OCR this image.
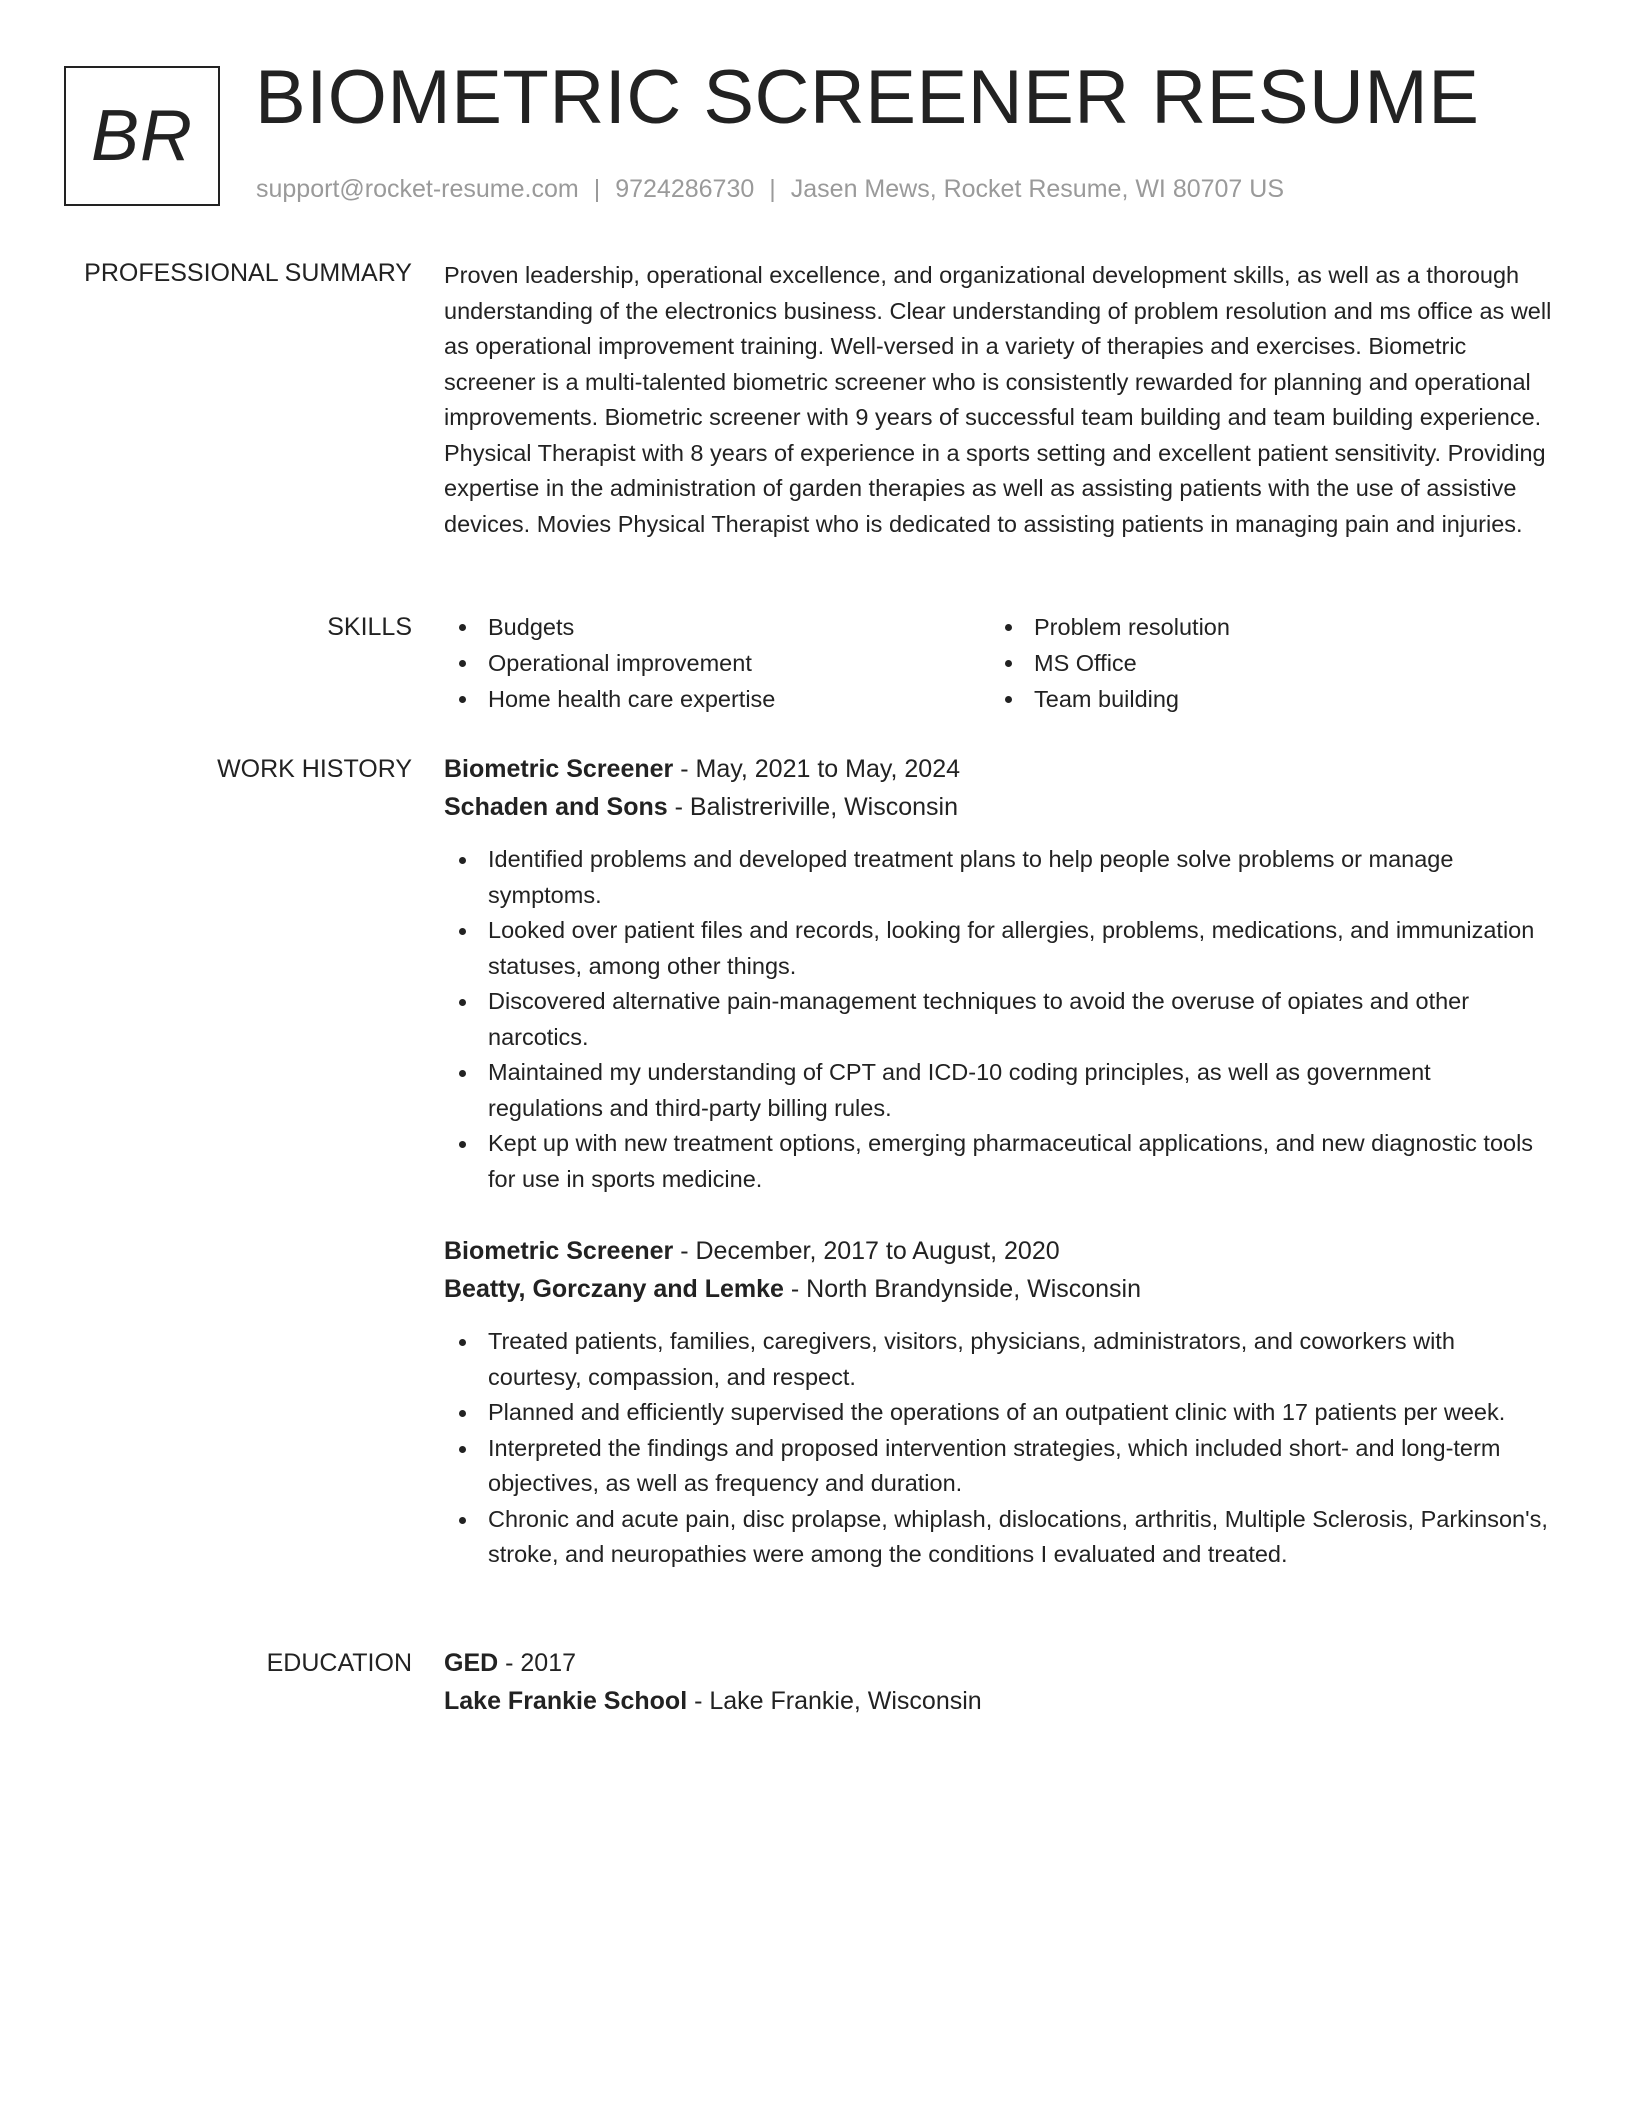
BR BIOMETRIC SCREENER RESUME
support@rocket-resume.com | 9724286730 | Jasen Mews, Rocket Resume, WI 80707 US
PROFESSIONAL SUMMARY Proven leadership, operational excellence, and organizational development skills, as well as a thorough understanding of the electronics business. Clear understanding of problem resolution and ms office as well as operational improvement training. Well-versed in a variety of therapies and exercises. Biometric screener is a multi-talented biometric screener who is consistently rewarded for planning and operational improvements. Biometric screener with 9 years of successful team building and team building experience. Physical Therapist with 8 years of experience in a sports setting and excellent patient sensitivity. Providing expertise in the administration of garden therapies as well as assisting patients with the use of assistive devices. Movies Physical Therapist who is dedicated to assisting patients in managing pain and injuries.

SKILLS	Budgets
Operational improvement
Home health care expertise
Problem resolution
MS Office
Team building
WORK HISTORY Biometric Screener - May, 2021 to May, 2024
Schaden and Sons - Balistreriville, Wisconsin
Identified problems and developed treatment plans to help people solve problems or manage symptoms.
Looked over patient files and records, looking for allergies, problems, medications, and immunization statuses, among other things.
Discovered alternative pain-management techniques to avoid the overuse of opiates and other narcotics.
Maintained my understanding of CPT and ICD-10 coding principles, as well as government regulations and third-party billing rules.
Kept up with new treatment options, emerging pharmaceutical applications, and new diagnostic tools for use in sports medicine.
Biometric Screener - December, 2017 to August, 2020
Beatty, Gorczany and Lemke - North Brandynside, Wisconsin
Treated patients, families, caregivers, visitors, physicians, administrators, and coworkers with courtesy, compassion, and respect.
Planned and efficiently supervised the operations of an outpatient clinic with 17 patients per week.
Interpreted the findings and proposed intervention strategies, which included short- and long-term objectives, as well as frequency and duration.
Chronic and acute pain, disc prolapse, whiplash, dislocations, arthritis, Multiple Sclerosis, Parkinson's, stroke, and neuropathies were among the conditions I evaluated and treated.
EDUCATION GED - 2017
Lake Frankie School - Lake Frankie, Wisconsin
